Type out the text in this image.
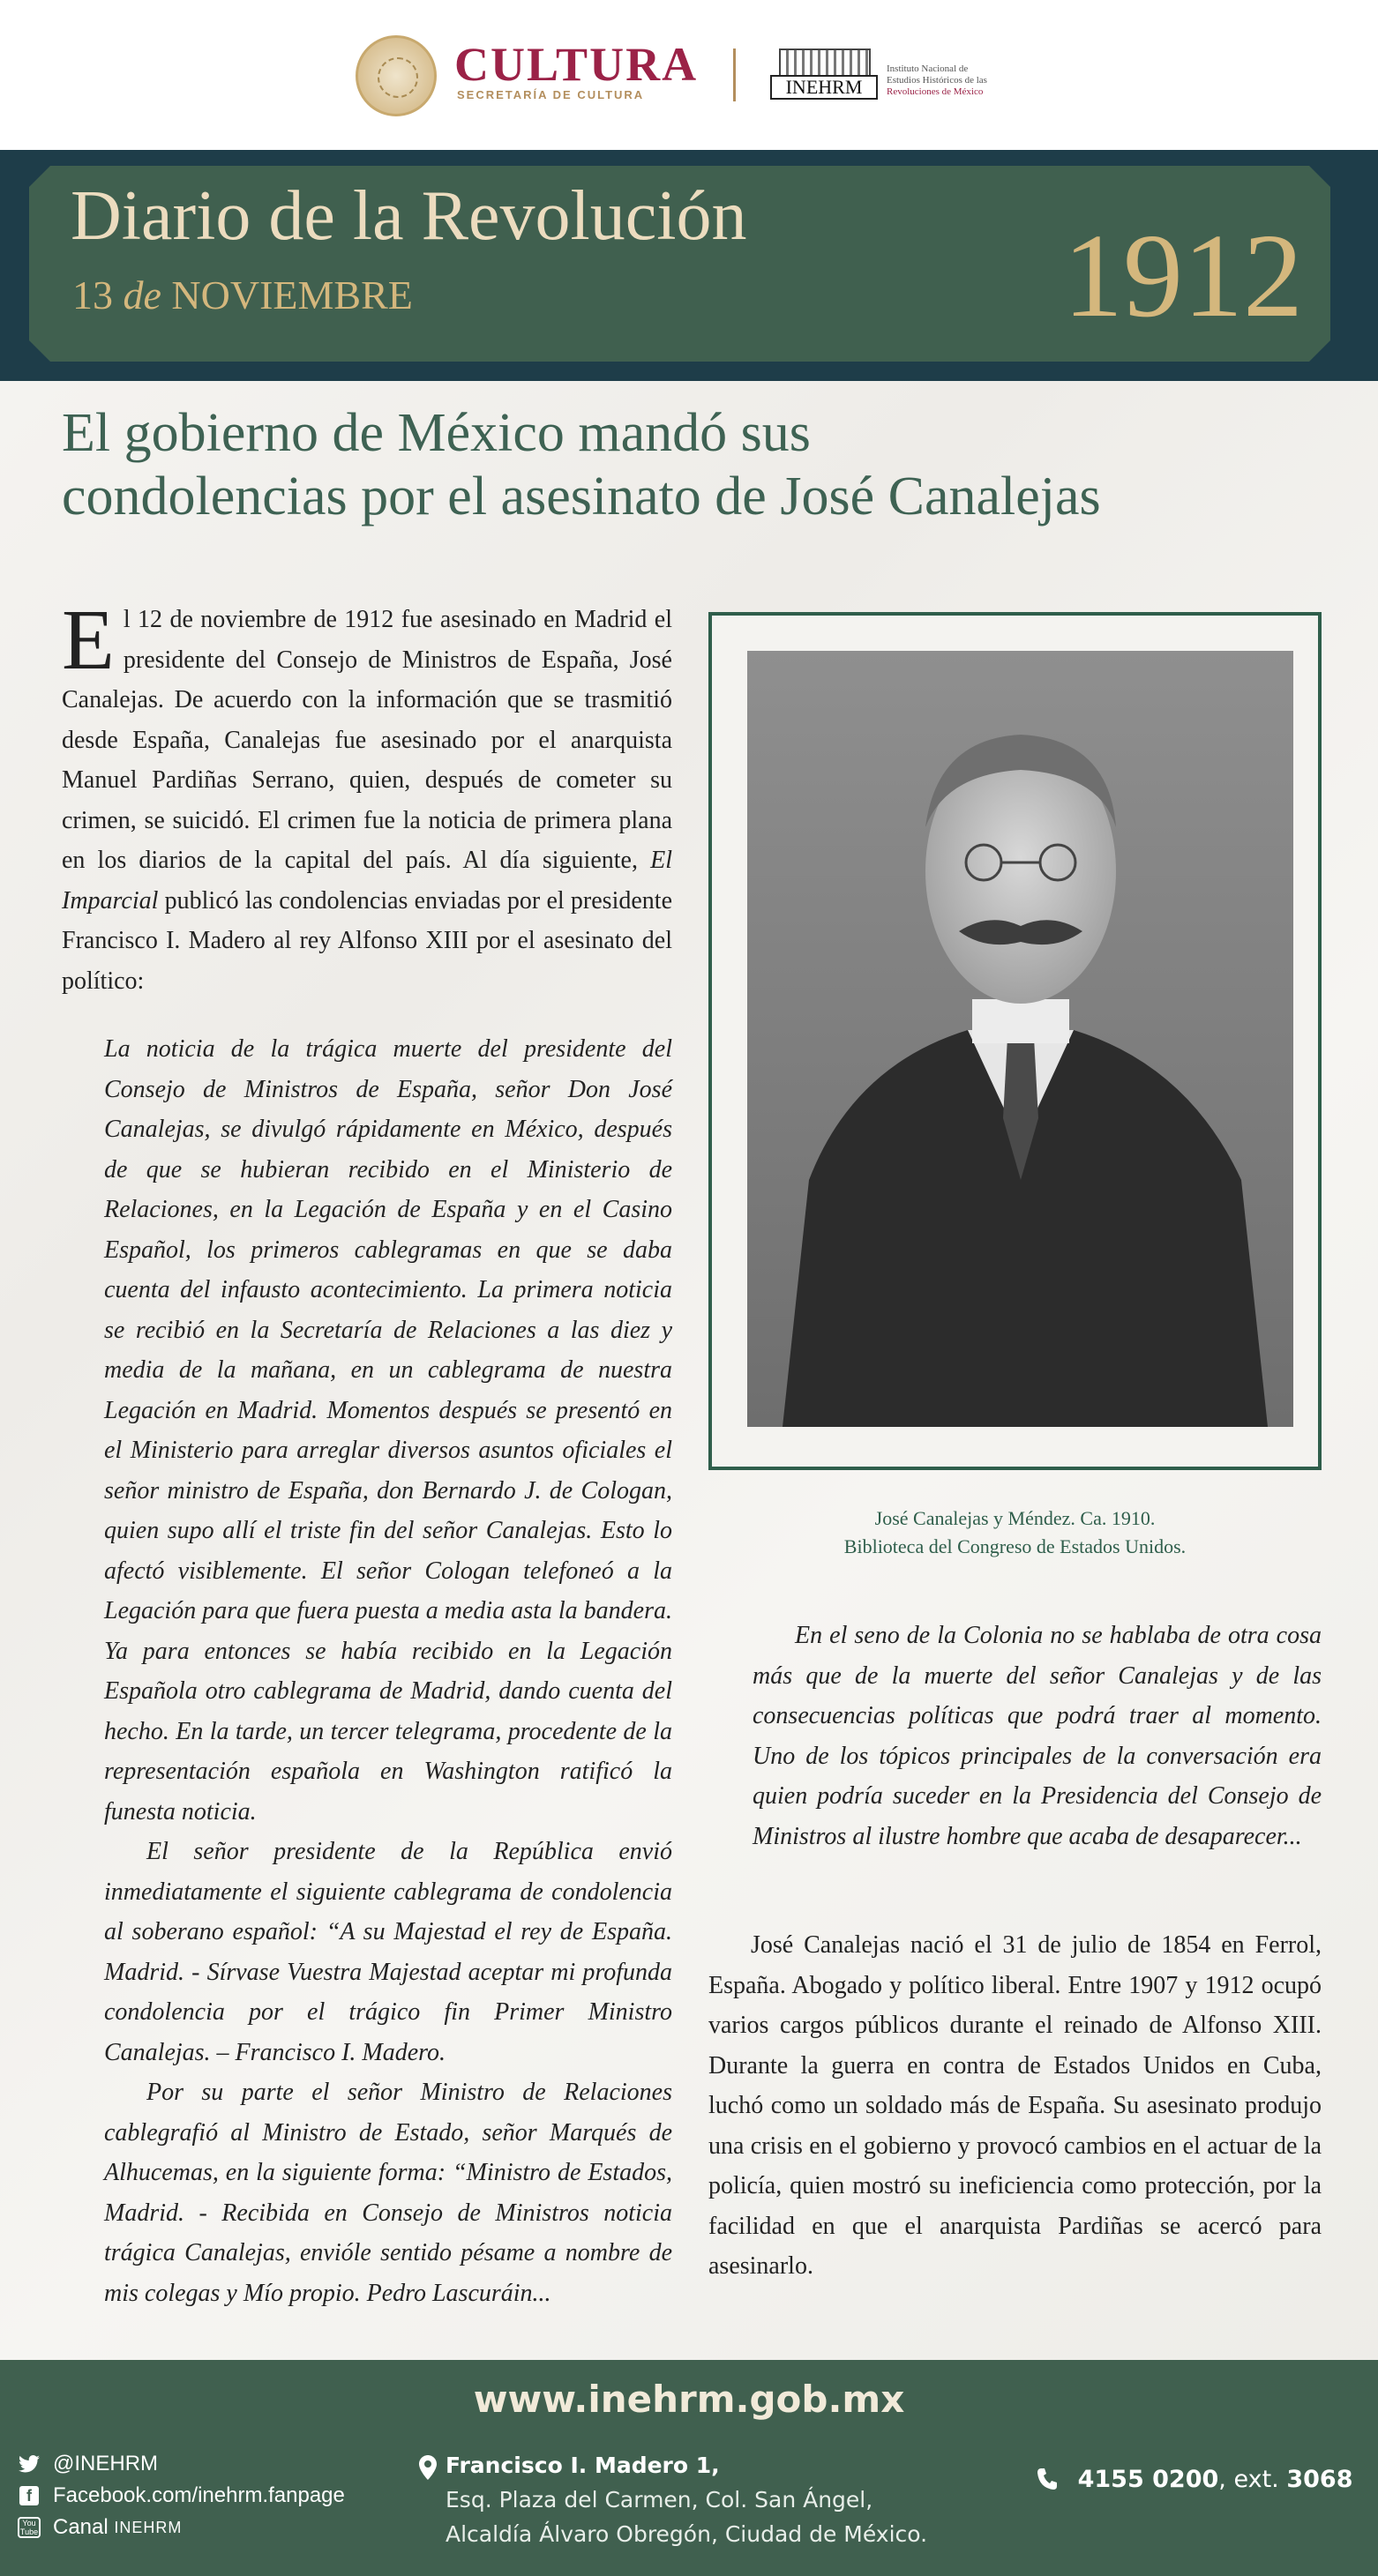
CULTURA
SECRETARÍA DE CULTURA	INEHRM
Instituto Nacional de
Estudios Históricos de las
Revoluciones de México
Diario de la Revolución
13 de NOVIEMBRE	1912
El gobierno de México mandó sus
condolencias por el asesinato de José Canalejas

El 12 de noviembre de 1912 fue asesinado en Madrid el presidente del Consejo de Ministros de España, José Canalejas. De acuerdo con la información que se trasmitió desde España, Canalejas fue asesinado por el anarquista Manuel Pardiñas Serrano, quien, después de cometer su crimen, se suicidó. El crimen fue la noticia de primera plana en los diarios de la capital del país. Al día siguiente, El Imparcial publicó las condolencias enviadas por el presidente Francisco I. Madero al rey Alfonso XIII por el asesinato del político:

La noticia de la trágica muerte del presidente del Consejo de Ministros de España, señor Don José Canalejas, se divulgó rápidamente en México, después de que se hubieran recibido en el Ministerio de Relaciones, en la Legación de España y en el Casino Español, los primeros cablegramas en que se daba cuenta del infausto acontecimiento. La primera noticia se recibió en la Secretaría de Relaciones a las diez y media de la mañana, en un cablegrama de nuestra Legación en Madrid. Momentos después se presentó en el Ministerio para arreglar diversos asuntos oficiales el señor ministro de España, don Bernardo J. de Cologan, quien supo allí el triste fin del señor Canalejas. Esto lo afectó visiblemente. El señor Cologan telefoneó a la Legación para que fuera puesta a media asta la bandera. Ya para entonces se había recibido en la Legación Española otro cablegrama de Madrid, dando cuenta del hecho. En la tarde, un tercer telegrama, procedente de la representación española en Washington ratificó la funesta noticia.

El señor presidente de la República envió inmediatamente el siguiente cablegrama de condolencia al soberano español: “A su Majestad el rey de España. Madrid. - Sírvase Vuestra Majestad aceptar mi profunda condolencia por el trágico fin Primer Ministro Canalejas. – Francisco I. Madero.

Por su parte el señor Ministro de Relaciones cablegrafió al Ministro de Estado, señor Marqués de Alhucemas, en la siguiente forma: “Ministro de Estados, Madrid. - Recibida en Consejo de Ministros noticia trágica Canalejas, envióle sentido pésame a nombre de mis colegas y Mío propio. Pedro Lascuráin...

José Canalejas y Méndez. Ca. 1910.
Biblioteca del Congreso de Estados Unidos.

En el seno de la Colonia no se hablaba de otra cosa más que de la muerte del señor Canalejas y de las consecuencias políticas que podrá traer al momento. Uno de los tópicos principales de la conversación era quien podría suceder en la Presidencia del Consejo de Ministros al ilustre hombre que acaba de desaparecer...

José Canalejas nació el 31 de julio de 1854 en Ferrol, España. Abogado y político liberal. Entre 1907 y 1912 ocupó varios cargos públicos durante el reinado de Alfonso XIII. Durante la guerra en contra de Estados Unidos en Cuba, luchó como un soldado más de España. Su asesinato produjo una crisis en el gobierno y provocó cambios en el actuar de la policía, quien mostró su ineficiencia como protección, por la facilidad en que el anarquista Pardiñas se acercó para asesinarlo.

www.inehrm.gob.mx
@INEHRM
f	Facebook.com/inehrm.fanpage
You
Tube Canal
INEHRM
Francisco I. Madero 1,
Esq. Plaza del Carmen, Col. San Ángel,
Alcaldía Álvaro Obregón, Ciudad de México.
4155 0200, ext. 3068
